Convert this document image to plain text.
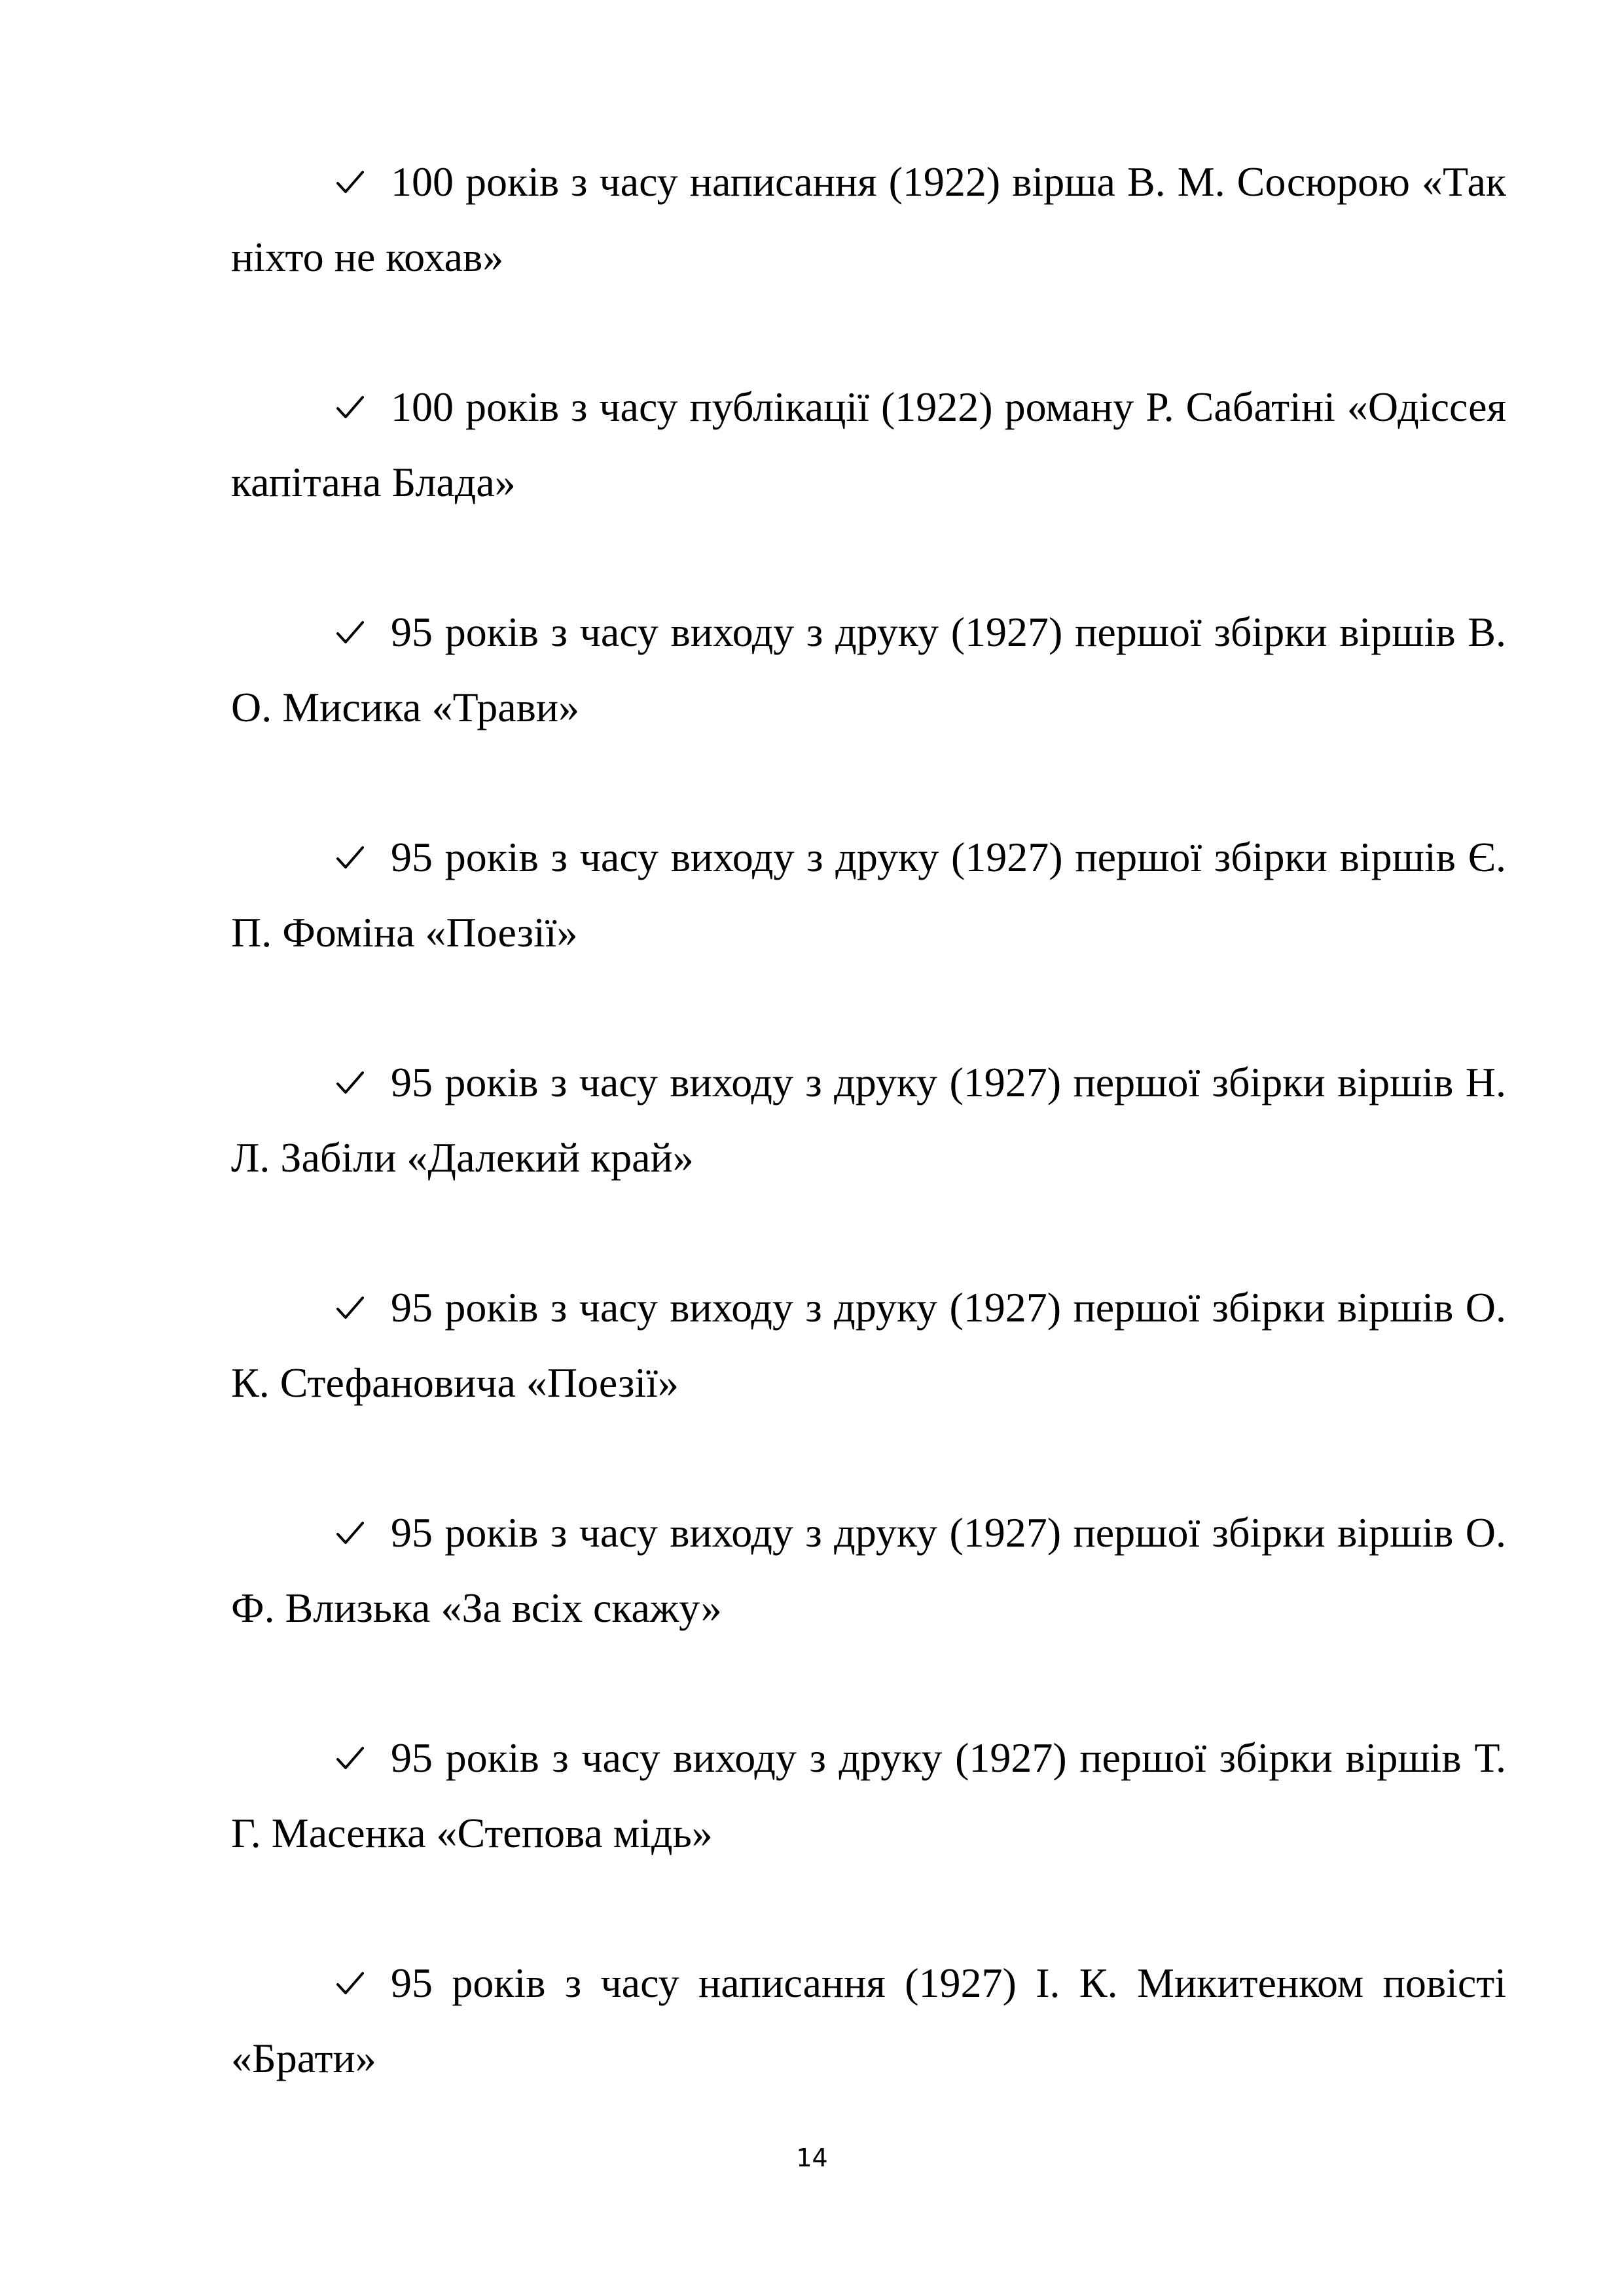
100 років з часу написання (1922) вірша В. М. Сосюрою «Так ніхто не кохав»
100 років з часу публікації (1922) роману Р. Сабатіні «Одіссея капітана Блада»
95 років з часу виходу з друку (1927) першої збірки віршів В. О. Мисика «Трави»
95 років з часу виходу з друку (1927) першої збірки віршів Є. П. Фоміна «Поезії»
95 років з часу виходу з друку (1927) першої збірки віршів Н. Л. Забіли «Далекий край»
95 років з часу виходу з друку (1927) першої збірки віршів О. К. Стефановича «Поезії»
95 років з часу виходу з друку (1927) першої збірки віршів О. Ф. Влизька «За всіх скажу»
95 років з часу виходу з друку (1927) першої збірки віршів Т. Г. Масенка «Степова мідь»
95 років з часу написання (1927) І. К. Микитенком повісті «Брати»
14
